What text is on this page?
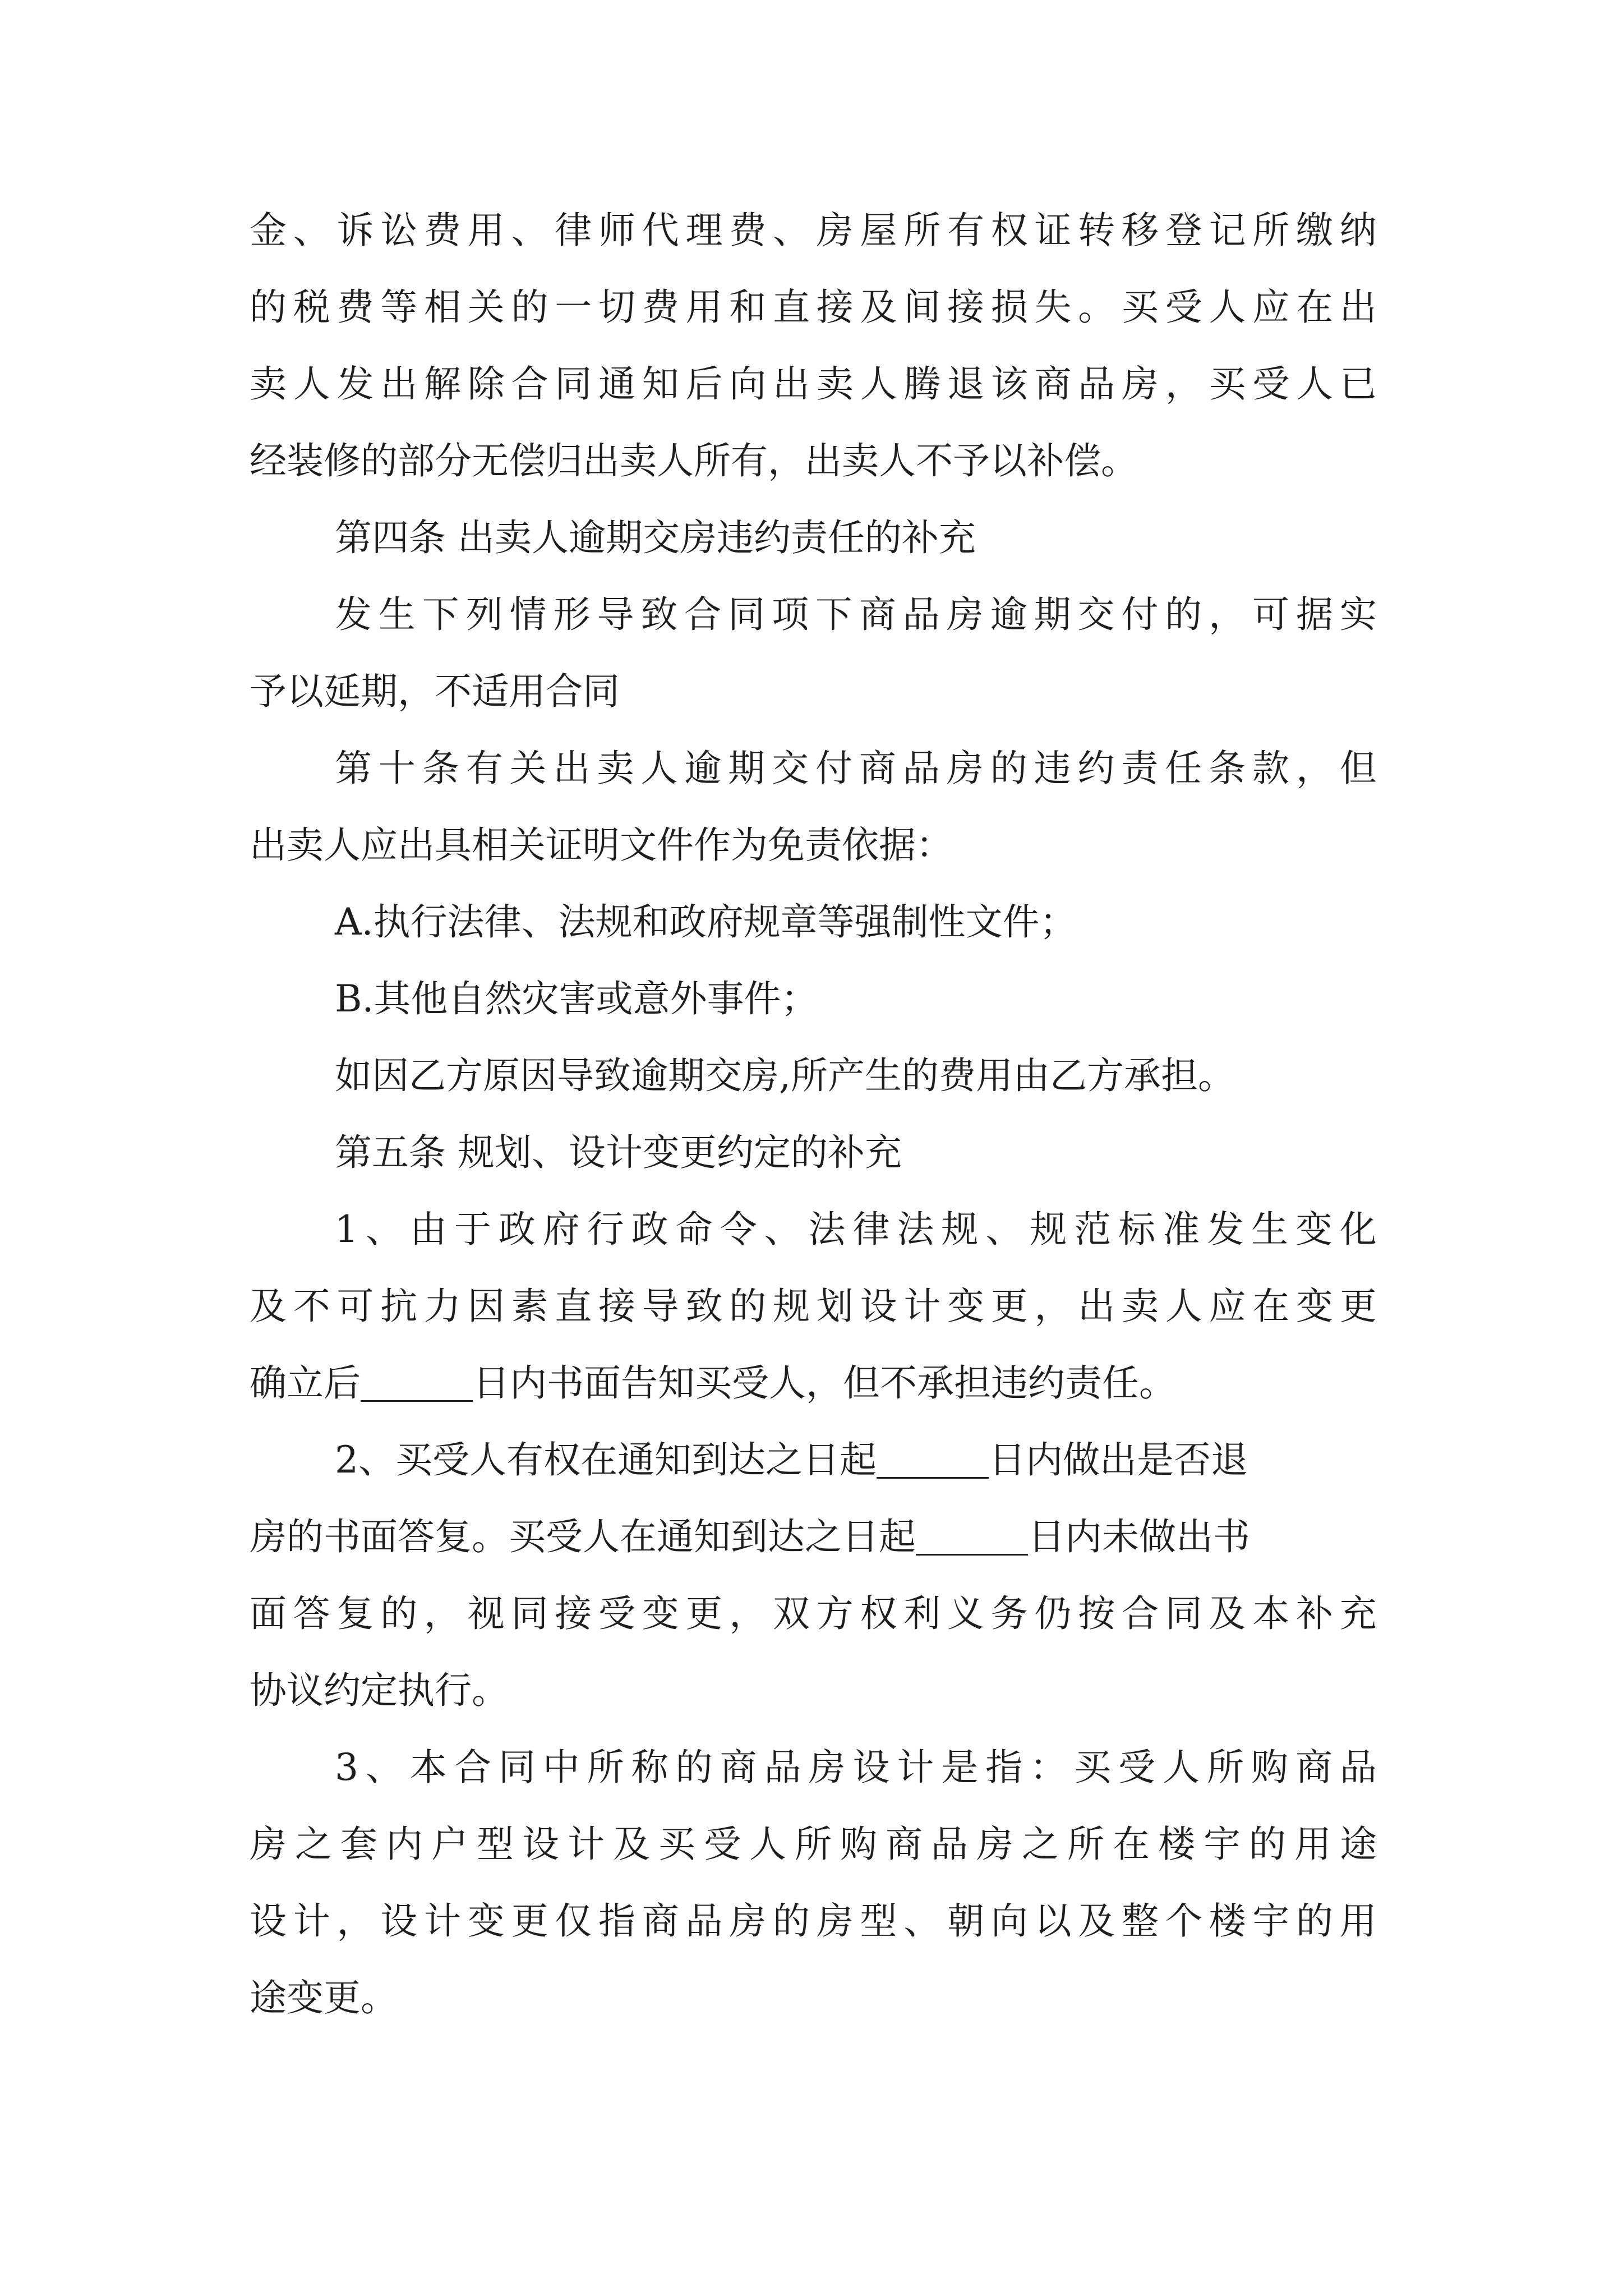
金 、 诉 讼 费 用 、 律 师 代 理 费 、 房 屋 所 有 权 证 转 移 登 记 所 缴 纳
的 税 费 等 相 关 的 一 切 费 用 和 直 接 及 间 接 损 失 。 买 受 人 应 在 出
卖 人 发 出 解 除 合 同 通 知 后 向 出 卖 人 腾 退 该 商 品 房 ， 买 受 人 已
经装修的部分无偿归出卖人所有，出卖人不予以补偿。
第四条 出卖人逾期交房违约责任的补充
发 生 下 列 情 形 导 致 合 同 项 下 商 品 房 逾 期 交 付 的 ， 可 据 实
予以延期，不适用合同
第 十 条 有 关 出 卖 人 逾 期 交 付 商 品 房 的 违 约 责 任 条 款 ， 但
出卖人应出具相关证明文件作为免责依据：
A.执行法律、法规和政府规章等强制性文件；
B.其他自然灾害或意外事件；
如因乙方原因导致逾期交房,所产生的费用由乙方承担。
第五条 规划、设计变更约定的补充
1 、 由 于 政 府 行 政 命 令 、 法 律 法 规 、 规 范 标 准 发 生 变 化
及 不 可 抗 力 因 素 直 接 导 致 的 规 划 设 计 变 更 ， 出 卖 人 应 在 变 更
确立后	日内书面告知买受人，但不承担违约责任。
2、买受人有权在通知到达之日起	日内做出是否退
房的书面答复。买受人在通知到达之日起	日内未做出书
面 答 复 的 ， 视 同 接 受 变 更 ， 双 方 权 利 义 务 仍 按 合 同 及 本 补 充
协议约定执行。
3 、 本 合 同 中 所 称 的 商 品 房 设 计 是 指 ： 买 受 人 所 购 商 品
房 之 套 内 户 型 设 计 及 买 受 人 所 购 商 品 房 之 所 在 楼 宇 的 用 途
设 计 ， 设 计 变 更 仅 指 商 品 房 的 房 型 、 朝 向 以 及 整 个 楼 宇 的 用
途变更。
